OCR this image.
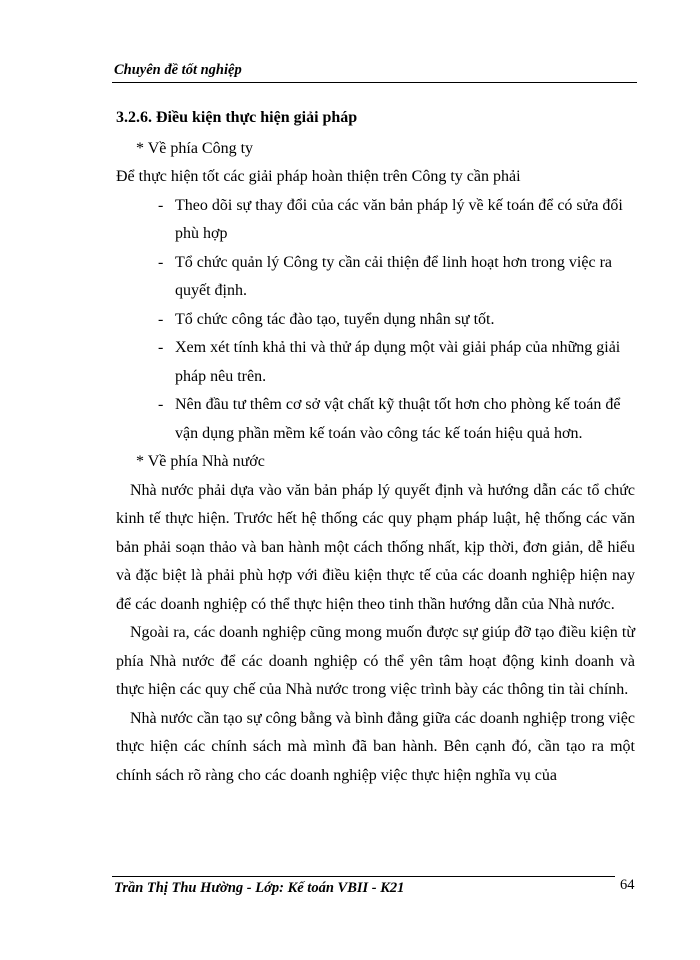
Chuyên đề tốt nghiệp

3.2.6. Điều kiện thực hiện giải pháp

* Về phía Công ty

Để thực hiện tốt các giải pháp hoàn thiện trên Công ty cần phải

- Theo dõi sự thay đổi của các văn bản pháp lý về kế toán để có sửa đổi phù hợp
- Tổ chức quản lý Công ty cần cải thiện để linh hoạt hơn trong việc ra quyết định.
- Tổ chức công tác đào tạo, tuyển dụng nhân sự tốt.
- Xem xét tính khả thi và thử áp dụng một vài giải pháp của những giải pháp nêu trên.
- Nên đầu tư thêm cơ sở vật chất kỹ thuật tốt hơn cho phòng kế toán để vận dụng phần mềm kế toán vào công tác kế toán hiệu quả hơn.

* Về phía Nhà nước

Nhà nước phải dựa vào văn bản pháp lý quyết định và hướng dẫn các tổ chức kinh tế thực hiện. Trước hết hệ thống các quy phạm pháp luật, hệ thống các văn bản phải soạn thảo và ban hành một cách thống nhất, kịp thời, đơn giản, dễ hiểu và đặc biệt là phải phù hợp với điều kiện thực tế của các doanh nghiệp hiện nay để các doanh nghiệp có thể thực hiện theo tinh thần hướng dẫn của Nhà nước.

Ngoài ra, các doanh nghiệp cũng mong muốn được sự giúp đỡ tạo điều kiện từ phía Nhà nước để các doanh nghiệp có thể yên tâm hoạt động kinh doanh và thực hiện các quy chế của Nhà nước trong việc trình bày các thông tin tài chính.

Nhà nước cần tạo sự công bằng và bình đẳng giữa các doanh nghiệp trong việc thực hiện các chính sách mà mình đã ban hành. Bên cạnh đó, cần tạo ra một chính sách rõ ràng cho các doanh nghiệp việc thực hiện nghĩa vụ của

Trần Thị Thu Hường - Lớp: Kế toán VBII - K21	64
